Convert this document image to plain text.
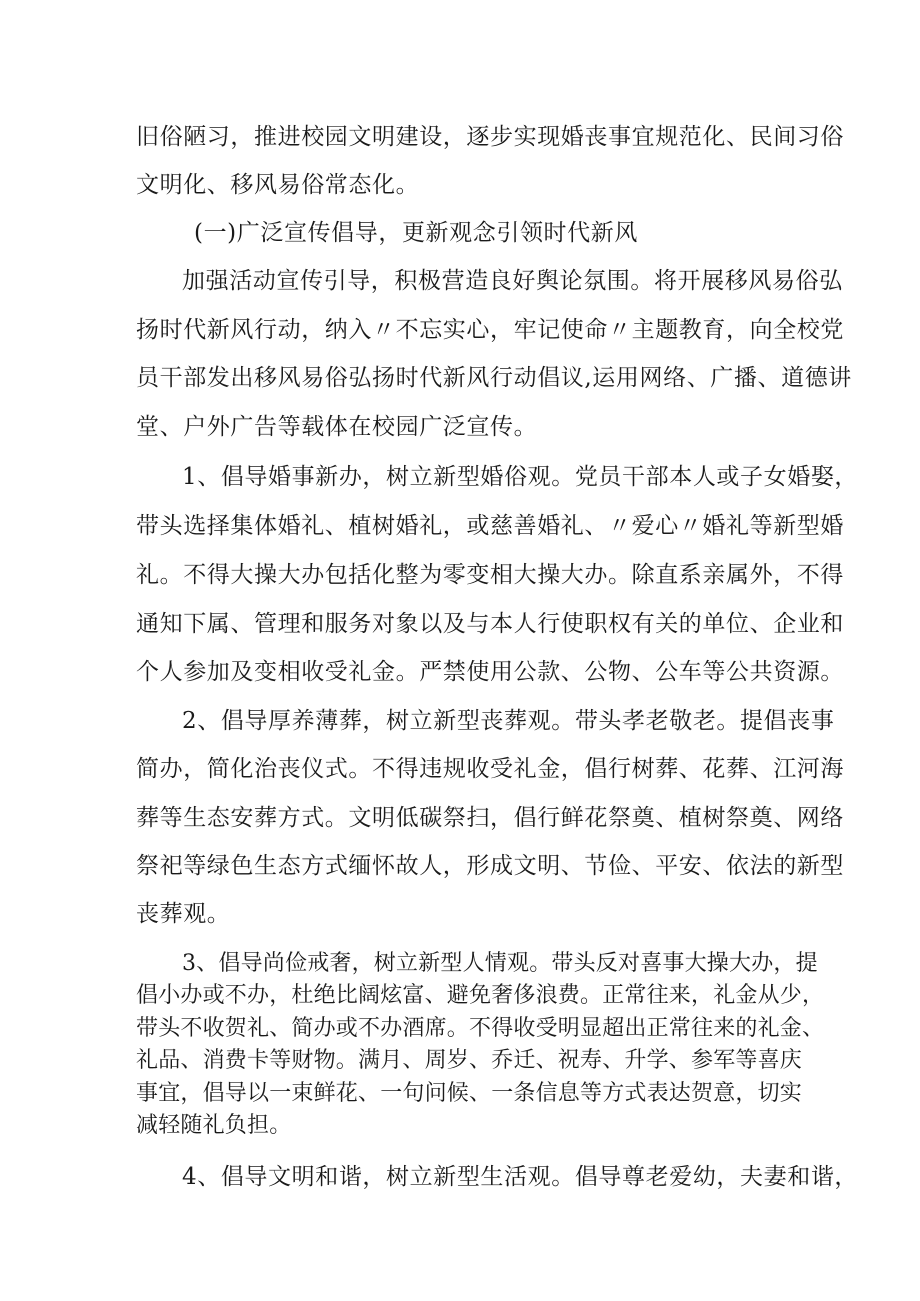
旧俗陋习，推进校园文明建设，逐步实现婚丧事宜规范化、民间习俗
文明化、移风易俗常态化。
(一)广泛宣传倡导，更新观念引领时代新风
加强活动宣传引导，积极营造良好舆论氛围。将开展移风易俗弘
扬时代新风行动，纳入〃不忘实心，牢记使命〃主题教育，向全校党
员干部发出移风易俗弘扬时代新风行动倡议,运用网络、广播、道德讲
堂、户外广告等载体在校园广泛宣传。
1、倡导婚事新办，树立新型婚俗观。党员干部本人或子女婚娶，
带头选择集体婚礼、植树婚礼，或慈善婚礼、〃爱心〃婚礼等新型婚
礼。不得大操大办包括化整为零变相大操大办。除直系亲属外，不得
通知下属、管理和服务对象以及与本人行使职权有关的单位、企业和
个人参加及变相收受礼金。严禁使用公款、公物、公车等公共资源。
2、倡导厚养薄葬，树立新型丧葬观。带头孝老敬老。提倡丧事
简办，简化治丧仪式。不得违规收受礼金，倡行树葬、花葬、江河海
葬等生态安葬方式。文明低碳祭扫，倡行鲜花祭奠、植树祭奠、网络
祭祀等绿色生态方式缅怀故人，形成文明、节俭、平安、依法的新型
丧葬观。
3、倡导尚俭戒奢，树立新型人情观。带头反对喜事大操大办，提
倡小办或不办，杜绝比阔炫富、避免奢侈浪费。正常往来，礼金从少，
带头不收贺礼、简办或不办酒席。不得收受明显超出正常往来的礼金、
礼品、消费卡等财物。满月、周岁、乔迁、祝寿、升学、参军等喜庆
事宜，倡导以一束鲜花、一句问候、一条信息等方式表达贺意，切实
减轻随礼负担。
4、倡导文明和谐，树立新型生活观。倡导尊老爱幼，夫妻和谐，
